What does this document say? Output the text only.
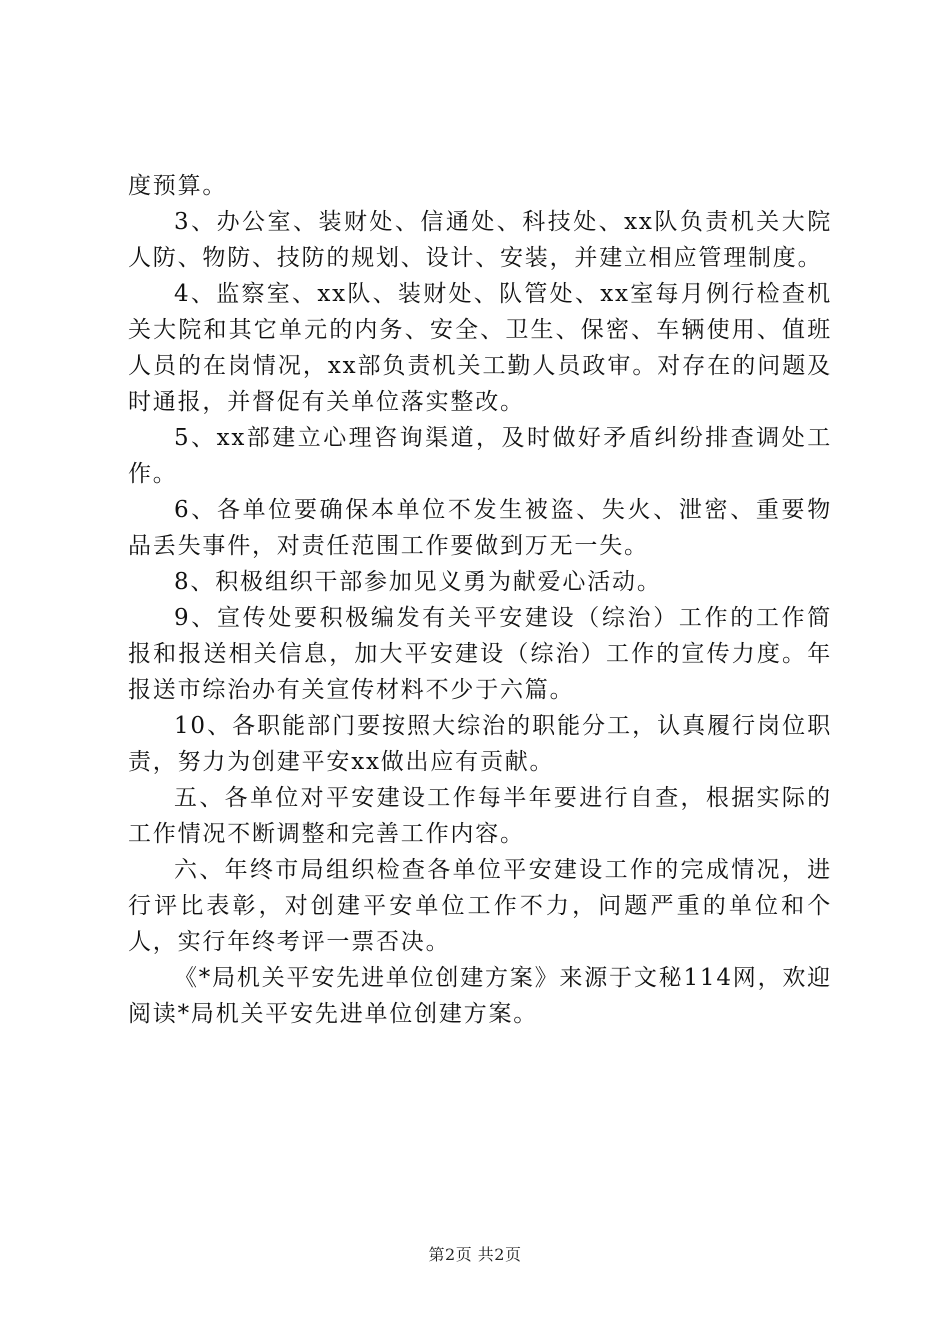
度预算。

3、办公室、装财处、信通处、科技处、xx队负责机关大院人防、物防、技防的规划、设计、安装，并建立相应管理制度。

4、监察室、xx队、装财处、队管处、xx室每月例行检查机关大院和其它单元的内务、安全、卫生、保密、车辆使用、值班人员的在岗情况，xx部负责机关工勤人员政审。对存在的问题及时通报，并督促有关单位落实整改。

5、xx部建立心理咨询渠道，及时做好矛盾纠纷排查调处工作。

6、各单位要确保本单位不发生被盗、失火、泄密、重要物品丢失事件，对责任范围工作要做到万无一失。

8、积极组织干部参加见义勇为献爱心活动。

9、宣传处要积极编发有关平安建设（综治）工作的工作简报和报送相关信息，加大平安建设（综治）工作的宣传力度。年报送市综治办有关宣传材料不少于六篇。

10、各职能部门要按照大综治的职能分工，认真履行岗位职责，努力为创建平安xx做出应有贡献。

五、各单位对平安建设工作每半年要进行自查，根据实际的工作情况不断调整和完善工作内容。

六、年终市局组织检查各单位平安建设工作的完成情况，进行评比表彰，对创建平安单位工作不力，问题严重的单位和个人，实行年终考评一票否决。

《*局机关平安先进单位创建方案》来源于文秘114网，欢迎阅读*局机关平安先进单位创建方案。

第2页 共2页
